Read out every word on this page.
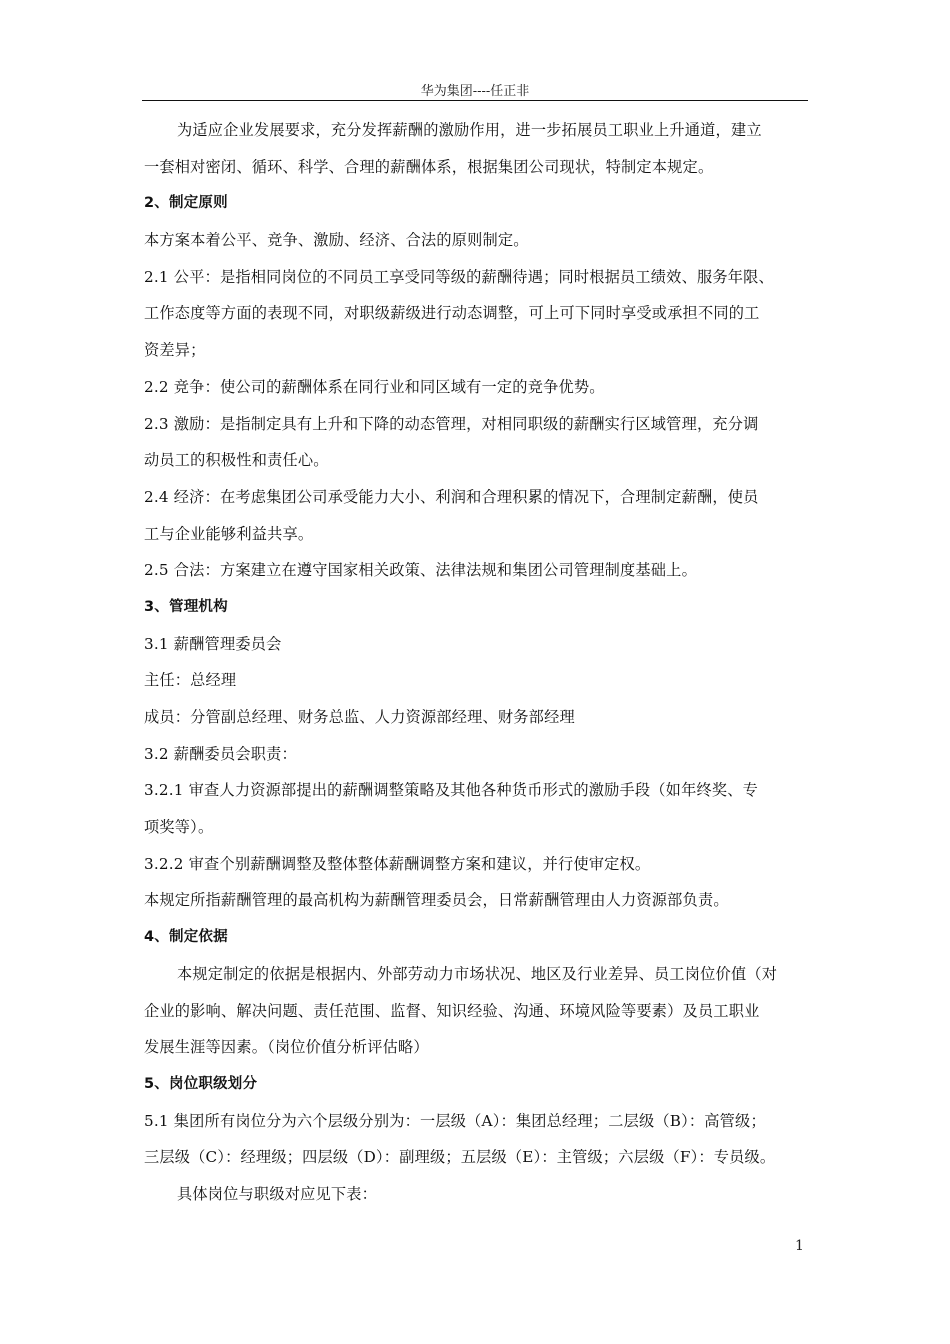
华为集团----任正非
为适应企业发展要求，充分发挥薪酬的激励作用，进一步拓展员工职业上升通道，建立
一套相对密闭、循环、科学、合理的薪酬体系，根据集团公司现状，特制定本规定。
2、制定原则
本方案本着公平、竞争、激励、经济、合法的原则制定。
2.1 公平：是指相同岗位的不同员工享受同等级的薪酬待遇；同时根据员工绩效、服务年限、
工作态度等方面的表现不同，对职级薪级进行动态调整，可上可下同时享受或承担不同的工
资差异；
2.2 竞争：使公司的薪酬体系在同行业和同区域有一定的竞争优势。
2.3 激励：是指制定具有上升和下降的动态管理，对相同职级的薪酬实行区域管理，充分调
动员工的积极性和责任心。
2.4 经济：在考虑集团公司承受能力大小、利润和合理积累的情况下，合理制定薪酬，使员
工与企业能够利益共享。
2.5 合法：方案建立在遵守国家相关政策、法律法规和集团公司管理制度基础上。
3、管理机构
3.1 薪酬管理委员会
主任：总经理
成员：分管副总经理、财务总监、人力资源部经理、财务部经理
3.2 薪酬委员会职责：
3.2.1 审查人力资源部提出的薪酬调整策略及其他各种货币形式的激励手段（如年终奖、专
项奖等）。
3.2.2 审查个别薪酬调整及整体整体薪酬调整方案和建议，并行使审定权。
本规定所指薪酬管理的最高机构为薪酬管理委员会，日常薪酬管理由人力资源部负责。
4、制定依据
本规定制定的依据是根据内、外部劳动力市场状况、地区及行业差异、员工岗位价值（对
企业的影响、解决问题、责任范围、监督、知识经验、沟通、环境风险等要素）及员工职业
发展生涯等因素。（岗位价值分析评估略）
5、岗位职级划分
5.1 集团所有岗位分为六个层级分别为：一层级（A）：集团总经理；二层级（B）：高管级；
三层级（C）：经理级；四层级（D）：副理级；五层级（E）：主管级；六层级（F）：专员级。
具体岗位与职级对应见下表：
1
